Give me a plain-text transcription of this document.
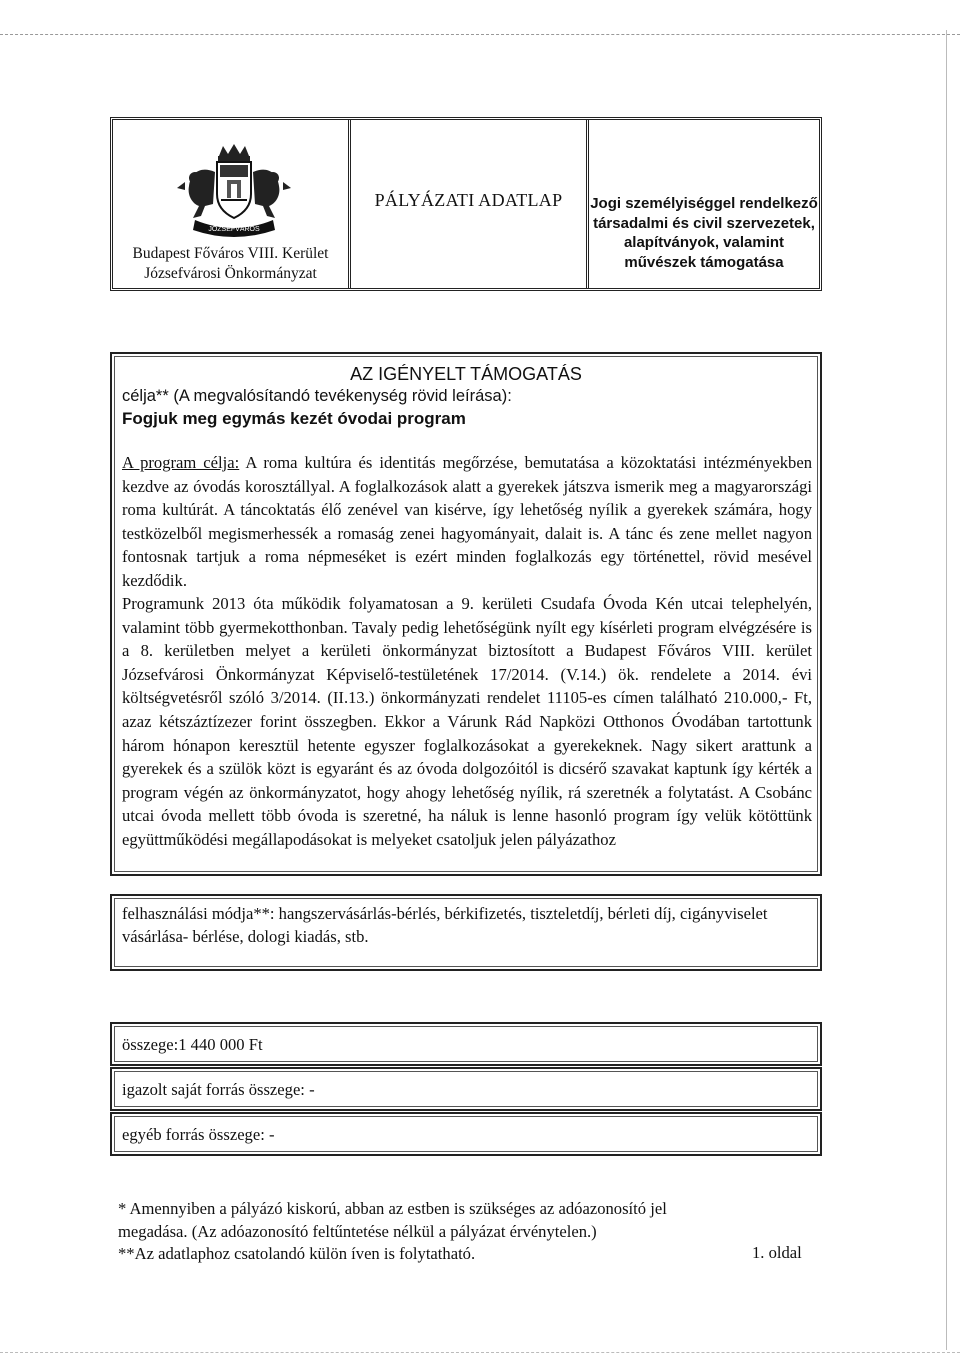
JÓZSEFVÁROS
Budapest Főváros VIII. Kerület
Józsefvárosi Önkormányzat
PÁLYÁZATI ADATLAP	Jogi személyiséggel rendelkező
társadalmi és civil szervezetek,
alapítványok, valamint
művészek támogatása
AZ IGÉNYELT TÁMOGATÁS
célja** (A megvalósítandó tevékenység rövid leírása):
Fogjuk meg egymás kezét óvodai program

A program célja: A roma kultúra és identitás megőrzése, bemutatása a közoktatási intézményekben kezdve az óvodás korosztállyal. A foglalkozások alatt a gyerekek játszva ismerik meg a magyarországi roma kultúrát. A táncoktatás élő zenével van kisérve, így lehetőség nyílik a gyerekek számára, hogy testközelből megismerhessék a romaság zenei hagyományait, dalait is. A tánc és zene mellet nagyon fontosnak tartjuk a roma népmeséket is ezért minden foglalkozás egy történettel, rövid mesével kezdődik.

Programunk 2013 óta működik folyamatosan a 9. kerületi Csudafa Óvoda Kén utcai telephelyén, valamint több gyermekotthonban. Tavaly pedig lehetőségünk nyílt egy kísérleti program elvégzésére is a 8. kerületben melyet a kerületi önkormányzat biztosított a Budapest Főváros VIII. kerület Józsefvárosi Önkormányzat Képviselő-testületének 17/2014. (V.14.) ök. rendelete a 2014. évi költségvetésről szóló 3/2014. (II.13.) önkormányzati rendelet 11105-es címen található 210.000,- Ft, azaz kétszáztízezer forint összegben. Ekkor a Várunk Rád Napközi Otthonos Óvodában tartottunk három hónapon keresztül hetente egyszer foglalkozásokat a gyerekeknek. Nagy sikert arattunk a gyerekek és a szülök közt is egyaránt és az óvoda dolgozóitól is dicsérő szavakat kaptunk így kérték a program végén az önkormányzatot, hogy ahogy lehetőség nyílik, rá szeretnék a folytatást. A Csobánc utcai óvoda mellett több óvoda is szeretné, ha náluk is lenne hasonló program így velük kötöttünk együttműködési megállapodásokat is melyeket csatoljuk jelen pályázathoz

felhasználási módja**: hangszervásárlás-bérlés, bérkifizetés, tiszteletdíj, bérleti díj, cigányviselet vásárlása- bérlése, dologi kiadás, stb.
összege:1 440 000 Ft
igazolt saját forrás összege: -
egyéb forrás összege: -

* Amennyiben a pályázó kiskorú, abban az estben is szükséges az adóazonosító jel

megadása. (Az adóazonosító feltűntetése nélkül a pályázat érvénytelen.)

**Az adatlaphoz csatolandó külön íven is folytatható.	1. oldal
